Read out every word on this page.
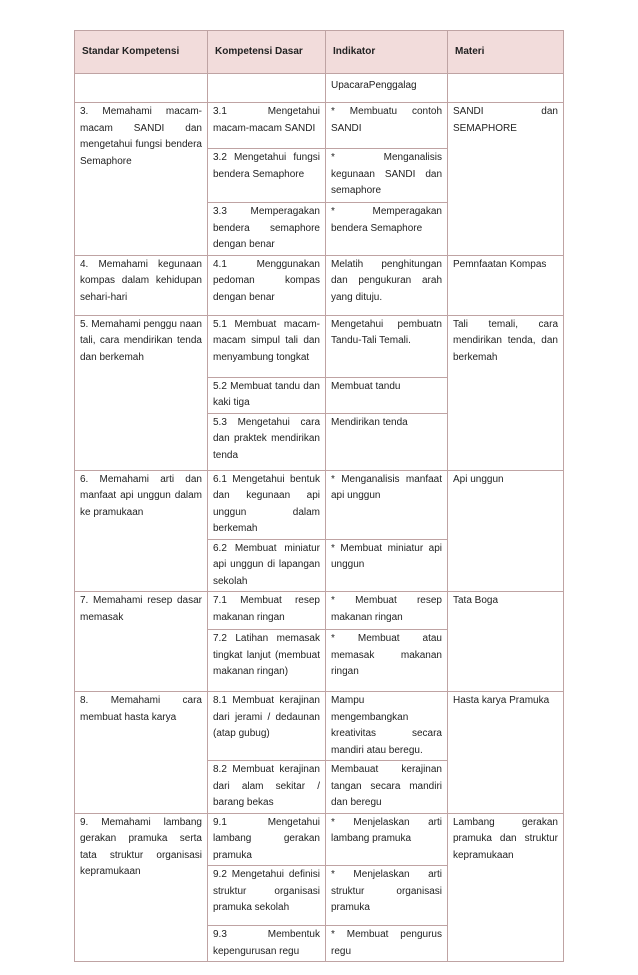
Standar Kompetensi	Kompetensi Dasar	Indikator	Materi
		UpacaraPenggalag	
3. Memahami macam-macam SANDI dan mengetahui fungsi bendera Semaphore	3.1 Mengetahui macam-macam SANDI	* Membuatu contoh SANDI	SANDI dan SEMAPHORE
	3.2 Mengetahui fungsi bendera Semaphore	* Menganalisis kegunaan SANDI dan semaphore	
	3.3 Memperagakan bendera semaphore dengan benar	* Memperagakan bendera Semaphore	
4. Memahami kegunaan kompas dalam kehidupan sehari-hari	4.1 Menggunakan pedoman kompas dengan benar	Melatih penghitungan dan pengukuran arah yang dituju.	Pemnfaatan Kompas
5. Memahami penggu naan tali, cara mendirikan tenda dan berkemah	5.1 Membuat macam-macam simpul tali dan menyambung tongkat	Mengetahui pembuatn Tandu-Tali Temali.	Tali temali, cara mendirikan tenda, dan berkemah
	5.2 Membuat tandu dan kaki tiga	Membuat tandu	
	5.3 Mengetahui cara dan praktek mendirikan tenda	Mendirikan tenda	
6. Memahami arti dan manfaat api unggun dalam ke pramukaan	6.1 Mengetahui bentuk dan kegunaan api unggun dalam berkemah	* Menganalisis manfaat api unggun	Api unggun
	6.2 Membuat miniatur api unggun di lapangan sekolah	* Membuat miniatur api unggun	
7. Memahami resep dasar memasak	7.1 Membuat resep makanan ringan	* Membuat resep makanan ringan	Tata Boga
	7.2 Latihan memasak tingkat lanjut (membuat makanan ringan)	* Membuat atau memasak makanan ringan	
8. Memahami cara membuat hasta karya	8.1 Membuat kerajinan dari jerami / dedaunan (atap gubug)	Mampu mengembangkan kreativitas secara mandiri atau beregu.	Hasta karya Pramuka
	8.2 Membuat kerajinan dari alam sekitar / barang bekas	Membauat kerajinan tangan secara mandiri dan beregu	
9. Memahami lambang gerakan pramuka serta tata struktur organisasi kepramukaan	9.1 Mengetahui lambang gerakan pramuka	* Menjelaskan arti lambang pramuka	Lambang gerakan pramuka dan struktur kepramukaan
	9.2 Mengetahui definisi struktur organisasi pramuka sekolah	* Menjelaskan arti struktur organisasi pramuka	
	9.3 Membentuk kepengurusan regu	* Membuat pengurus regu	
